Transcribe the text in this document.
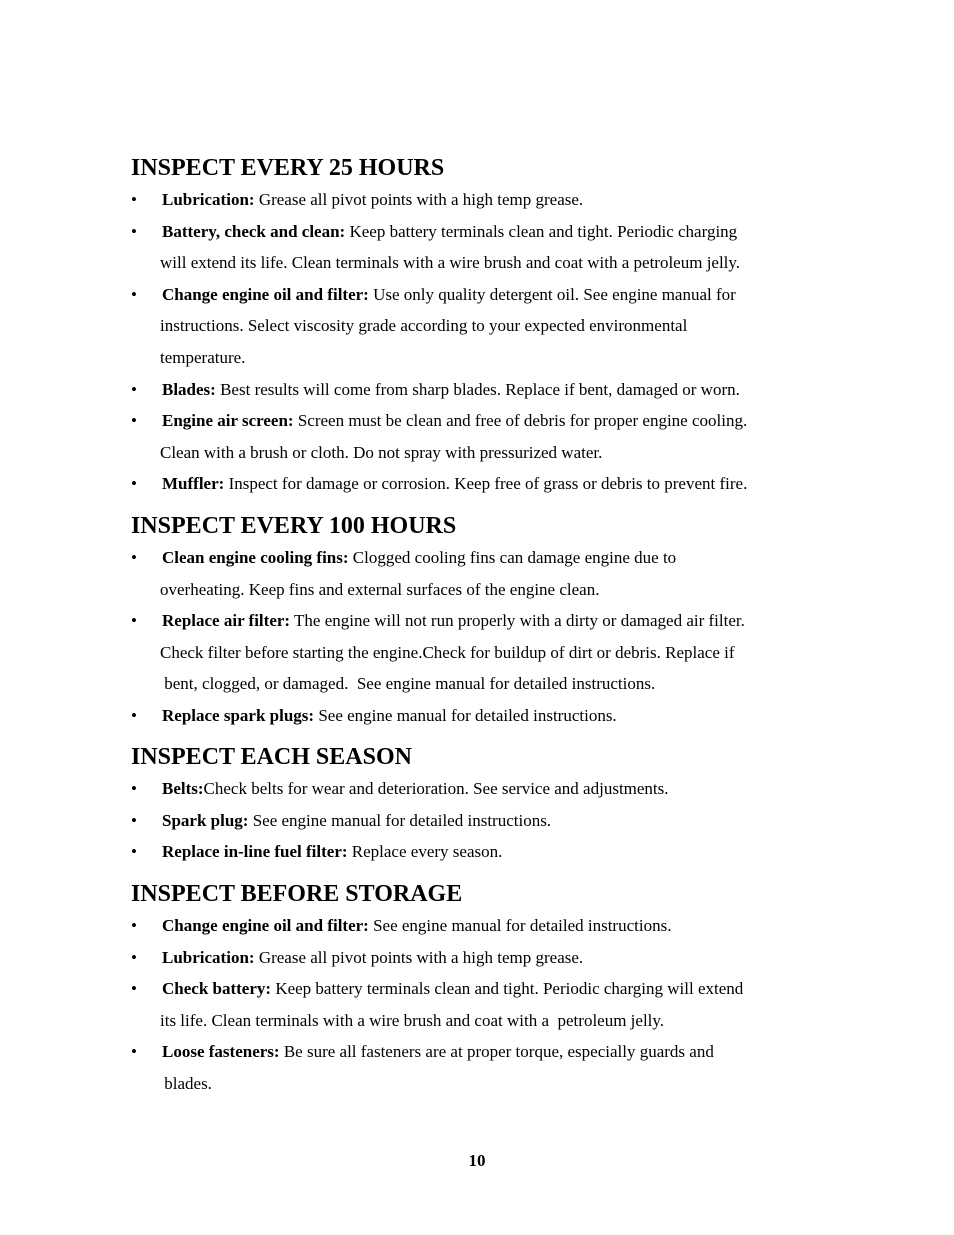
INSPECT EVERY 25 HOURS
• Lubrication: Grease all pivot points with a high temp grease.
• Battery, check and clean: Keep battery terminals clean and tight. Periodic charging
will extend its life. Clean terminals with a wire brush and coat with a petroleum jelly.
• Change engine oil and filter: Use only quality detergent oil. See engine manual for
instructions. Select viscosity grade according to your expected environmental
temperature.
• Blades: Best results will come from sharp blades. Replace if bent, damaged or worn.
• Engine air screen: Screen must be clean and free of debris for proper engine cooling.
Clean with a brush or cloth. Do not spray with pressurized water.
• Muffler: Inspect for damage or corrosion. Keep free of grass or debris to prevent fire.
INSPECT EVERY 100 HOURS
• Clean engine cooling fins: Clogged cooling fins can damage engine due to
overheating. Keep fins and external surfaces of the engine clean.
• Replace air filter: The engine will not run properly with a dirty or damaged air filter.
Check filter before starting the engine.Check for buildup of dirt or debris. Replace if
bent, clogged, or damaged.  See engine manual for detailed instructions.
• Replace spark plugs: See engine manual for detailed instructions.
INSPECT EACH SEASON
• Belts:Check belts for wear and deterioration. See service and adjustments.
• Spark plug: See engine manual for detailed instructions.
• Replace in-line fuel filter: Replace every season.
INSPECT BEFORE STORAGE
• Change engine oil and filter: See engine manual for detailed instructions.
• Lubrication: Grease all pivot points with a high temp grease.
• Check battery: Keep battery terminals clean and tight. Periodic charging will extend
its life. Clean terminals with a wire brush and coat with a  petroleum jelly.
• Loose fasteners: Be sure all fasteners are at proper torque, especially guards and
blades.
10
